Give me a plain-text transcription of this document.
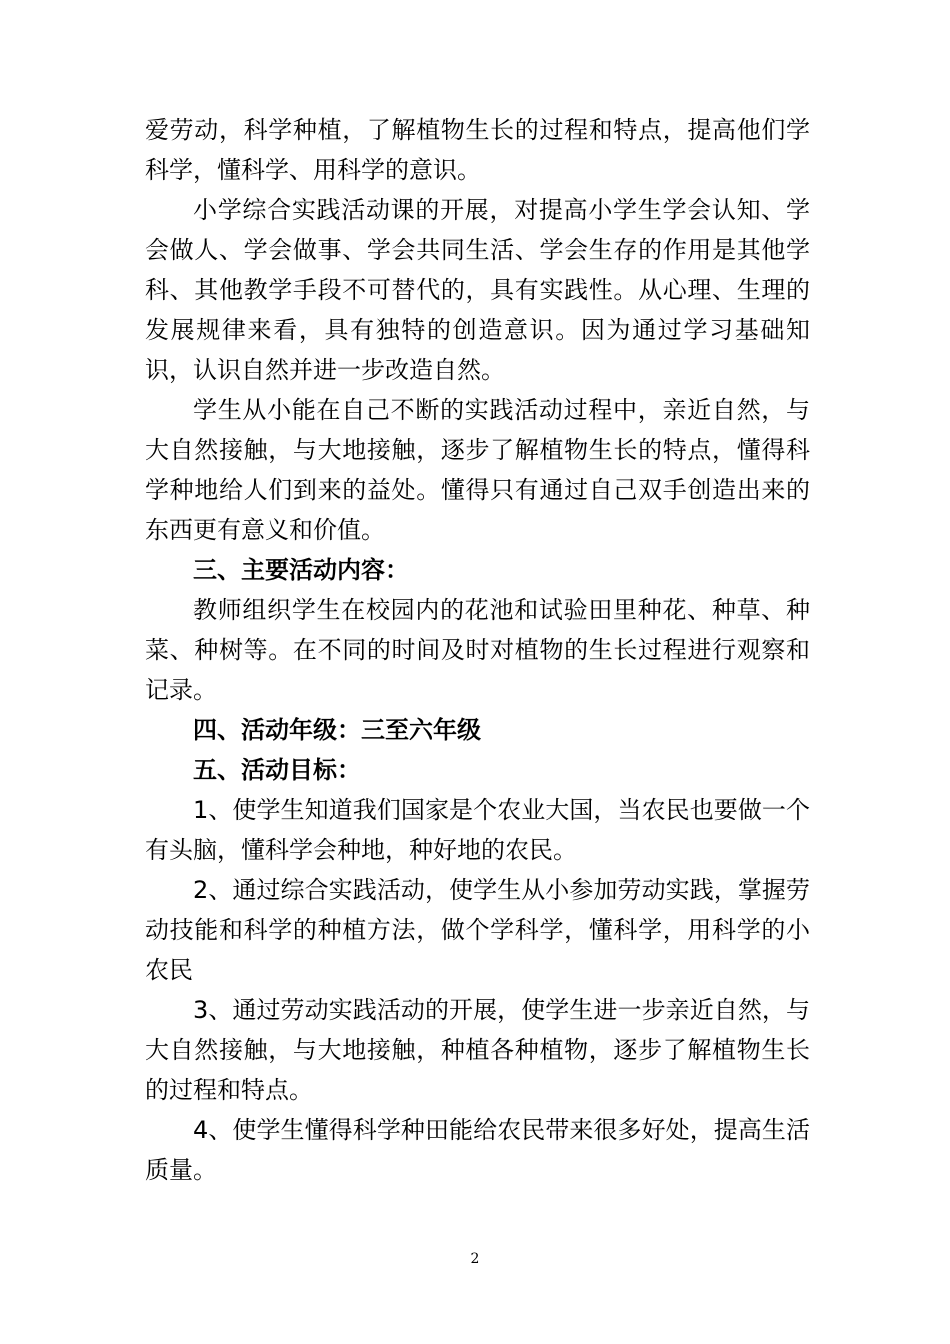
爱劳动，科学种植，了解植物生长的过程和特点，提高他们学科学，懂科学、用科学的意识。

小学综合实践活动课的开展，对提高小学生学会认知、学会做人、学会做事、学会共同生活、学会生存的作用是其他学科、其他教学手段不可替代的，具有实践性。从心理、生理的发展规律来看，具有独特的创造意识。因为通过学习基础知识，认识自然并进一步改造自然。

学生从小能在自己不断的实践活动过程中，亲近自然，与大自然接触，与大地接触，逐步了解植物生长的特点，懂得科学种地给人们到来的益处。懂得只有通过自己双手创造出来的东西更有意义和价值。

三、主要活动内容：

教师组织学生在校园内的花池和试验田里种花、种草、种菜、种树等。在不同的时间及时对植物的生长过程进行观察和记录。

四、活动年级：三至六年级

五、活动目标：

1、使学生知道我们国家是个农业大国，当农民也要做一个有头脑，懂科学会种地，种好地的农民。

2、通过综合实践活动，使学生从小参加劳动实践，掌握劳动技能和科学的种植方法，做个学科学，懂科学，用科学的小农民

3、通过劳动实践活动的开展，使学生进一步亲近自然，与大自然接触，与大地接触，种植各种植物，逐步了解植物生长的过程和特点。

4、使学生懂得科学种田能给农民带来很多好处，提高生活质量。

2
